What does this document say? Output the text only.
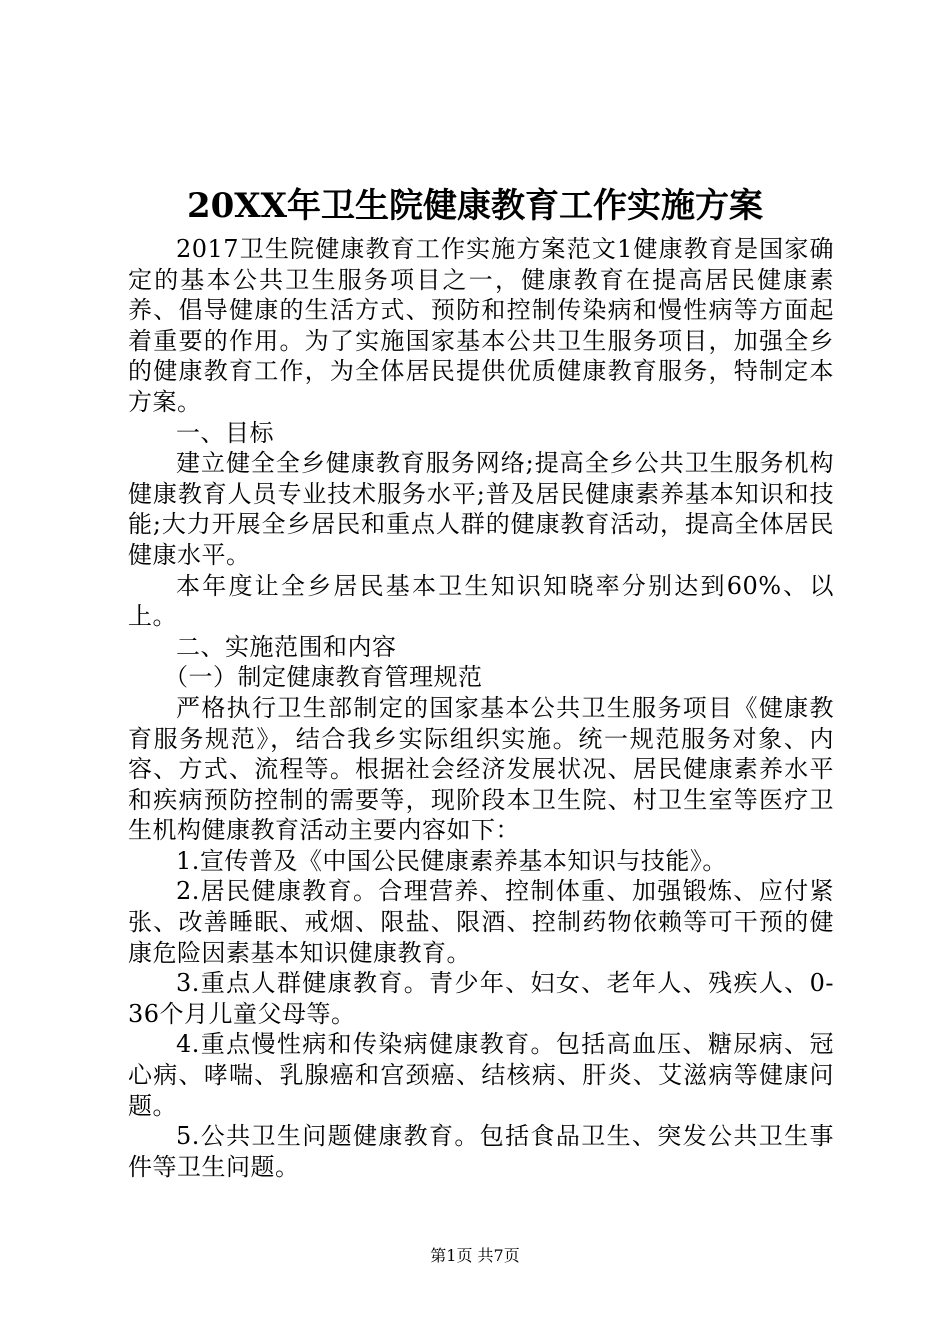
20XX年卫生院健康教育工作实施方案

2017卫生院健康教育工作实施方案范文1健康教育是国家确定的基本公共卫生服务项目之一，健康教育在提高居民健康素养、倡导健康的生活方式、预防和控制传染病和慢性病等方面起着重要的作用。为了实施国家基本公共卫生服务项目，加强全乡的健康教育工作，为全体居民提供优质健康教育服务，特制定本方案。

一、目标

建立健全全乡健康教育服务网络;提高全乡公共卫生服务机构健康教育人员专业技术服务水平;普及居民健康素养基本知识和技能;大力开展全乡居民和重点人群的健康教育活动，提高全体居民健康水平。

本年度让全乡居民基本卫生知识知晓率分别达到60%、以上。

二、实施范围和内容

（一）制定健康教育管理规范

严格执行卫生部制定的国家基本公共卫生服务项目《健康教育服务规范》，结合我乡实际组织实施。统一规范服务对象、内容、方式、流程等。根据社会经济发展状况、居民健康素养水平和疾病预防控制的需要等，现阶段本卫生院、村卫生室等医疗卫生机构健康教育活动主要内容如下：

1.宣传普及《中国公民健康素养基本知识与技能》。

2.居民健康教育。合理营养、控制体重、加强锻炼、应付紧张、改善睡眠、戒烟、限盐、限酒、控制药物依赖等可干预的健康危险因素基本知识健康教育。

3.重点人群健康教育。青少年、妇女、老年人、残疾人、0-36个月儿童父母等。

4.重点慢性病和传染病健康教育。包括高血压、糖尿病、冠心病、哮喘、乳腺癌和宫颈癌、结核病、肝炎、艾滋病等健康问题。

5.公共卫生问题健康教育。包括食品卫生、突发公共卫生事件等卫生问题。

第1页 共7页
